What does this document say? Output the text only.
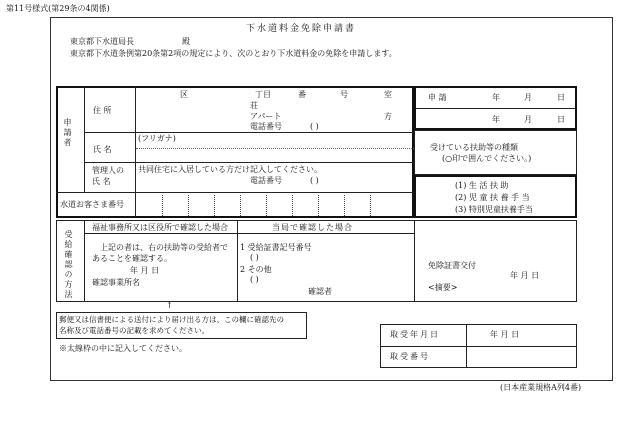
第11号様式(第29条の4関係)
下水道料金免除申請書
東京都下水道局長	殿
東京都下水道条例第20条第2項の規定により、次のとおり下水道料金の免除を申請します。
申請者
住 所
区	丁目	番	号	室
荘
アパート	方
電話番号	( )
(フリガナ)
氏 名
管理人の
氏 名
共同住宅に入居している方だけ記入してください。
電話番号	( )
水道お客さま番号
申 請	年	月	日
年	月	日
受けている扶助等の種類
(○印で囲んでください。)
(1) 生 活 扶 助
(2) 児 童 扶 養 手 当
(3) 特別児童扶養手当
受給確認の方法
福祉事務所又は区役所で確認した場合
上記の者は、右の扶助等の受給者で
あることを確認する。
年 月 日
確認事業所名
当局で確認した場合
1 受給証書記号番号
( )
2 その他
( )
確認者
免除証書交付
年 月 日
<摘要>
↑
郵便又は信書便による送付により届け出る方は、この欄に確認先の
名称及び電話番号の記載を求めてください。
※太線枠の中に記入してください。
取受年月日	年 月 日
取受番号
(日本産業規格A列4番)
